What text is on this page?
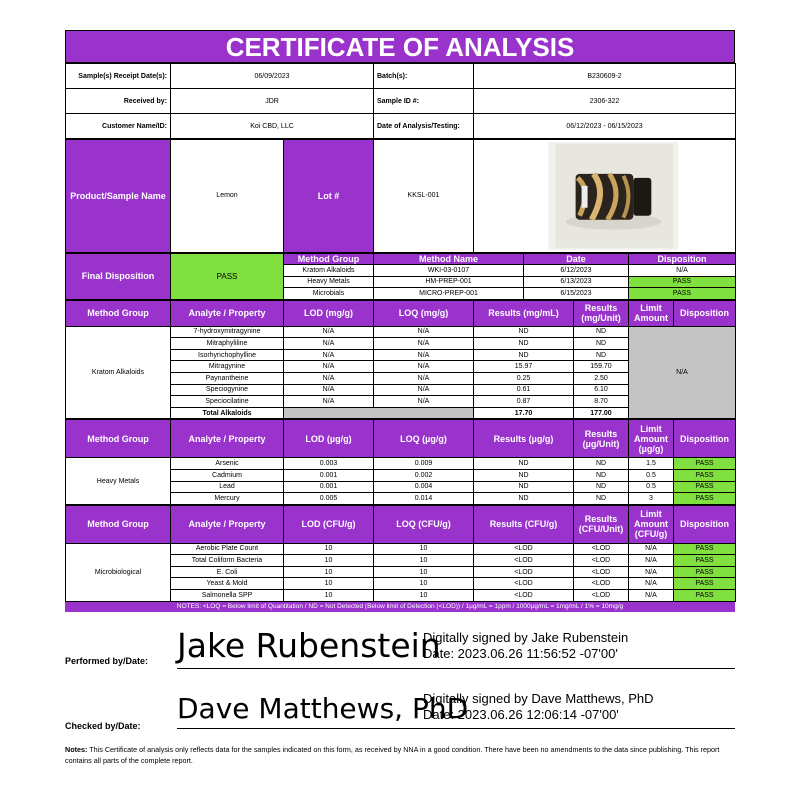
CERTIFICATE OF ANALYSIS
Sample(s) Receipt Date(s):	06/09/2023	Batch(s):	B230609-2
Received by:	JDR	Sample ID #:	2306-322
Customer Name/ID:	Koi CBD, LLC	Date of Analysis/Testing:	06/12/2023 - 06/15/2023
Product/Sample Name	Lemon	Lot #	KKSL-001	
Final Disposition	PASS	Method Group	Method Name	Date	Disposition
		Kratom Alkaloids	WKI-03-0107	6/12/2023	N/A
		Heavy Metals	HM-PREP-001	6/13/2023	PASS
		Microbials	MICRO-PREP-001	6/15/2023	PASS
Method Group	Analyte / Property	LOD (mg/g)	LOQ (mg/g)	Results (mg/mL)	Results (mg/Unit)	Limit Amount	Disposition
Kratom Alkaloids	7-hydroxymitragynine	N/A	N/A	ND	ND	N/A	
	Mitraphyliline	N/A	N/A	ND	ND		
	Isorhynchophylline	N/A	N/A	ND	ND		
	Mitragynine	N/A	N/A	15.97	159.70		
	Paynantheine	N/A	N/A	0.25	2.50		
	Speciogynine	N/A	N/A	0.61	6.10		
	Speciocilatine	N/A	N/A	0.87	8.70		
	Total Alkaloids			17.70	177.00		
Method Group	Analyte / Property	LOD (µg/g)	LOQ (µg/g)	Results (µg/g)	Results (µg/Unit)	Limit Amount (µg/g)	Disposition
Heavy Metals	Arsenic	0.003	0.009	ND	ND	1.5	PASS
	Cadmium	0.001	0.002	ND	ND	0.5	PASS
	Lead	0.001	0.004	ND	ND	0.5	PASS
	Mercury	0.005	0.014	ND	ND	3	PASS
Method Group	Analyte / Property	LOD (CFU/g)	LOQ (CFU/g)	Results (CFU/g)	Results (CFU/Unit)	Limit Amount (CFU/g)	Disposition
Microbiological	Aerobic Plate Count	10	10	<LOD	<LOD	N/A	PASS
	Total Coliform Bacteria	10	10	<LOD	<LOD	N/A	PASS
	E. Coli	10	10	<LOD	<LOD	N/A	PASS
	Yeast & Mold	10	10	<LOD	<LOD	N/A	PASS
	Salmonella SPP	10	10	<LOD	<LOD	N/A	PASS
NOTES: <LOQ = Below limit of Quantitation / ND = Not Detected (Below limit of Detection (<LOD)) / 1µg/mL = 1ppm / 1000µg/mL = 1mg/mL / 1% = 10mg/g
Performed by/Date: Jake Rubenstein
Digitally signed by Jake Rubenstein
Date: 2023.06.26 11:56:52 -07'00'
Checked by/Date:
Dave Matthews, PhD
Digitally signed by Dave Matthews, PhD
Date: 2023.06.26 12:06:14 -07'00'
Notes: This Certificate of analysis only reflects data for the samples indicated on this form, as received by NNA in a good condition. There have been no amendments to the data since publishing. This report contains all parts of the complete report.
